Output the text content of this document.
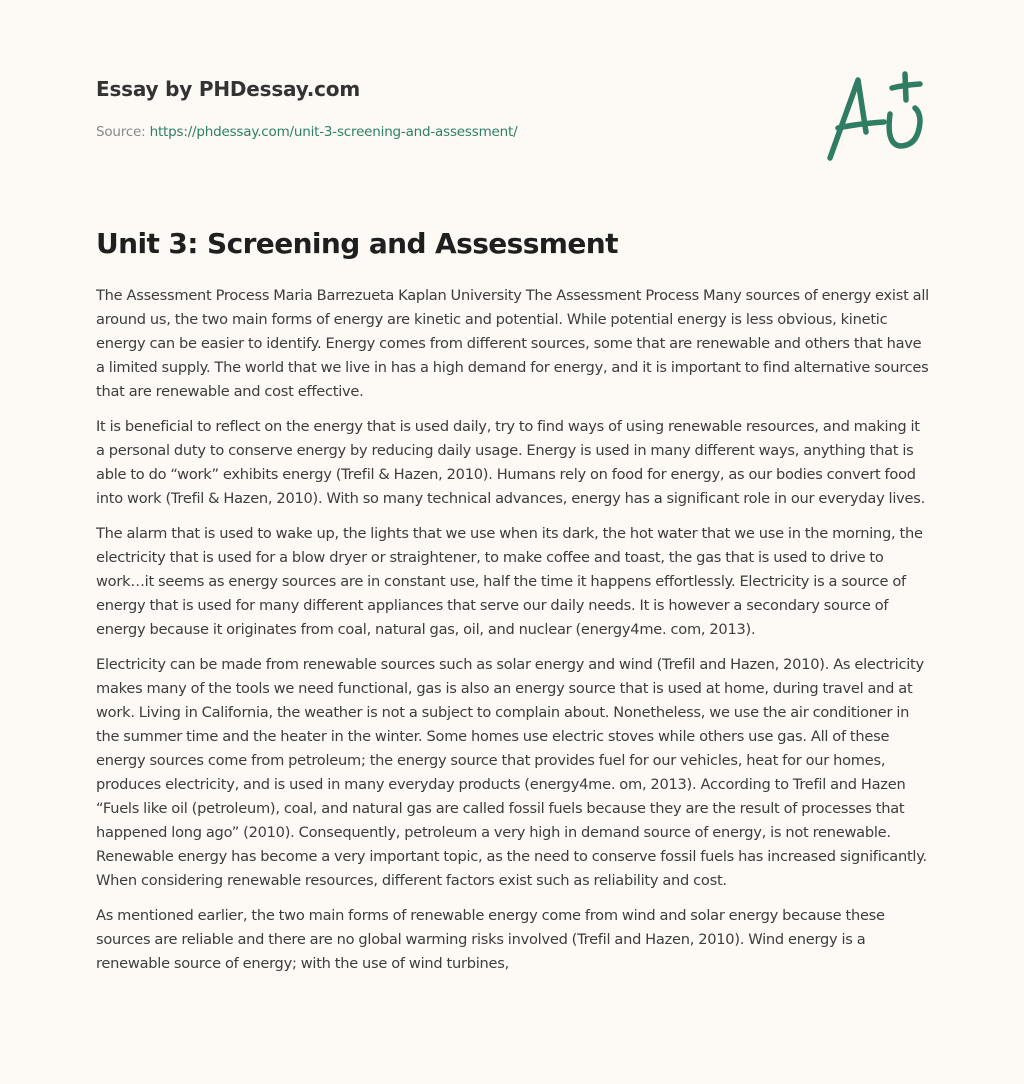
Essay by PHDessay.com
Source: https://phdessay.com/unit-3-screening-and-assessment/
Unit 3: Screening and Assessment

The Assessment Process Maria Barrezueta Kaplan University The Assessment Process Many sources of energy exist all around us, the two main forms of energy are kinetic and potential. While potential energy is less obvious, kinetic energy can be easier to identify. Energy comes from different sources, some that are renewable and others that have a limited supply. The world that we live in has a high demand for energy, and it is important to find alternative sources that are renewable and cost effective.

It is beneficial to reflect on the energy that is used daily, try to find ways of using renewable resources, and making it a personal duty to conserve energy by reducing daily usage. Energy is used in many different ways, anything that is able to do “work” exhibits energy (Trefil & Hazen, 2010). Humans rely on food for energy, as our bodies convert food into work (Trefil & Hazen, 2010). With so many technical advances, energy has a significant role in our everyday lives.

The alarm that is used to wake up, the lights that we use when its dark, the hot water that we use in the morning, the electricity that is used for a blow dryer or straightener, to make coffee and toast, the gas that is used to drive to work…it seems as energy sources are in constant use, half the time it happens effortlessly. Electricity is a source of energy that is used for many different appliances that serve our daily needs. It is however a secondary source of energy because it originates from coal, natural gas, oil, and nuclear (energy4me. com, 2013).

Electricity can be made from renewable sources such as solar energy and wind (Trefil and Hazen, 2010). As electricity makes many of the tools we need functional, gas is also an energy source that is used at home, during travel and at work. Living in California, the weather is not a subject to complain about. Nonetheless, we use the air conditioner in the summer time and the heater in the winter. Some homes use electric stoves while others use gas. All of these energy sources come from petroleum; the energy source that provides fuel for our vehicles, heat for our homes, produces electricity, and is used in many everyday products (energy4me. om, 2013). According to Trefil and Hazen “Fuels like oil (petroleum), coal, and natural gas are called fossil fuels because they are the result of processes that happened long ago” (2010). Consequently, petroleum a very high in demand source of energy, is not renewable. Renewable energy has become a very important topic, as the need to conserve fossil fuels has increased significantly. When considering renewable resources, different factors exist such as reliability and cost.

As mentioned earlier, the two main forms of renewable energy come from wind and solar energy because these sources are reliable and there are no global warming risks involved (Trefil and Hazen, 2010). Wind energy is a renewable source of energy; with the use of wind turbines,
